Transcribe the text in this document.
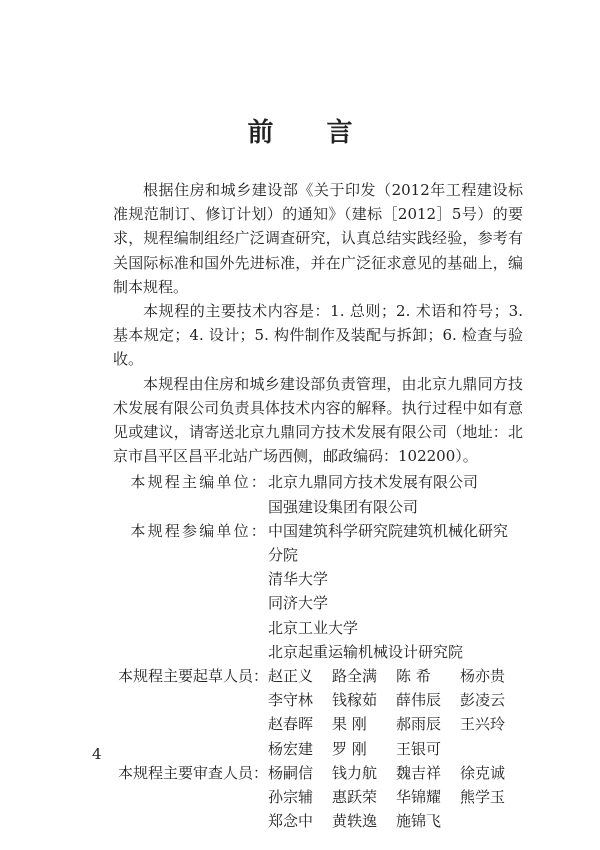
前 言

根据住房和城乡建设部《关于印发（2012年工程建设标准规范制订、修订计划）的通知》（建标［2012］5号）的要求，规程编制组经广泛调查研究，认真总结实践经验，参考有关国际标准和国外先进标准，并在广泛征求意见的基础上，编制本规程。

本规程的主要技术内容是：1. 总则；2. 术语和符号；3. 基本规定；4. 设计；5. 构件制作及装配与拆卸；6. 检查与验收。

本规程由住房和城乡建设部负责管理，由北京九鼎同方技术发展有限公司负责具体技术内容的解释。执行过程中如有意见或建议，请寄送北京九鼎同方技术发展有限公司（地址：北京市昌平区昌平北站广场西侧，邮政编码：102200）。

本规程主编单位： 北京九鼎同方技术发展有限公司
国强建设集团有限公司
本规程参编单位： 中国建筑科学研究院建筑机械化研究
分院
清华大学
同济大学
北京工业大学
北京起重运输机械设计研究院
本规程主要起草人员： 赵正义	路全满	陈 希	杨亦贵
李守林	钱稼茹	薛伟辰	彭凌云
赵春晖	果 刚	郝雨辰	王兴玲
杨宏建	罗 刚	王银可
本规程主要审查人员： 杨嗣信	钱力航	魏吉祥	徐克诚
孙宗辅	惠跃荣	华锦耀	熊学玉
郑念中	黄轶逸	施锦飞
4
